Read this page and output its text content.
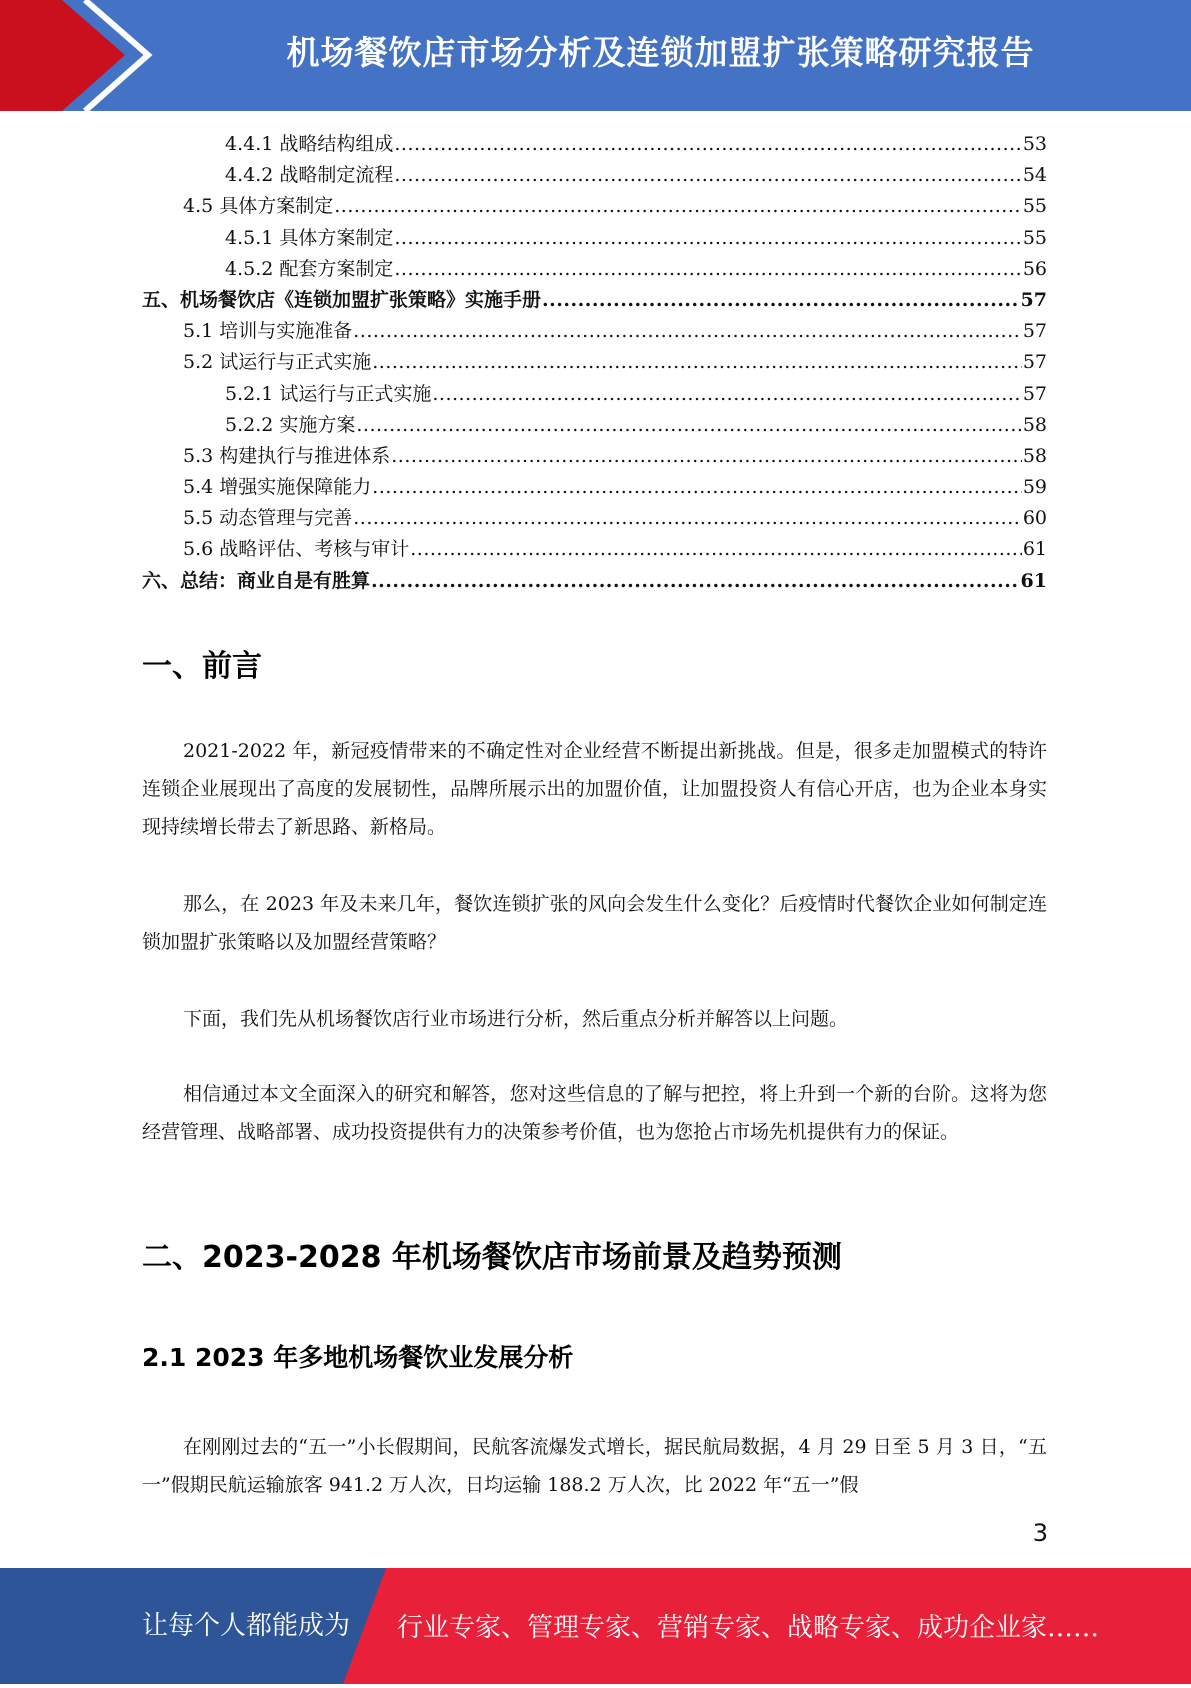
机场餐饮店市场分析及连锁加盟扩张策略研究报告
4.4.1 战略结构组成 .....	53
4.4.2 战略制定流程 .....	54
4.5 具体方案制定 .....	55
4.5.1 具体方案制定 .....	55
4.5.2 配套方案制定 .....	56
五、机场餐饮店《连锁加盟扩张策略》实施手册 .....	57
5.1 培训与实施准备 .....	57
5.2 试运行与正式实施 .....	57
5.2.1 试运行与正式实施 .....	57
5.2.2 实施方案 .....	58
5.3 构建执行与推进体系 .....	58
5.4 增强实施保障能力 .....	59
5.5 动态管理与完善 .....	60
5.6 战略评估、考核与审计 .....	61
六、总结：商业自是有胜算 .....	61
一、前言

2021-2022 年，新冠疫情带来的不确定性对企业经营不断提出新挑战。但是，很多走加盟模式的特许连锁企业展现出了高度的发展韧性，品牌所展示出的加盟价值，让加盟投资人有信心开店，也为企业本身实现持续增长带去了新思路、新格局。

那么，在 2023 年及未来几年，餐饮连锁扩张的风向会发生什么变化？后疫情时代餐饮企业如何制定连锁加盟扩张策略以及加盟经营策略？

下面，我们先从机场餐饮店行业市场进行分析，然后重点分析并解答以上问题。

相信通过本文全面深入的研究和解答，您对这些信息的了解与把控，将上升到一个新的台阶。这将为您经营管理、战略部署、成功投资提供有力的决策参考价值，也为您抢占市场先机提供有力的保证。

二、2023-2028 年机场餐饮店市场前景及趋势预测
2.1 2023 年多地机场餐饮业发展分析

在刚刚过去的“五一”小长假期间，民航客流爆发式增长，据民航局数据，4 月 29 日至 5 月 3 日，“五一”假期民航运输旅客 941.2 万人次，日均运输 188.2 万人次，比 2022 年“五一”假

3
让每个人都能成为 行业专家、管理专家、营销专家、战略专家、成功企业家……
